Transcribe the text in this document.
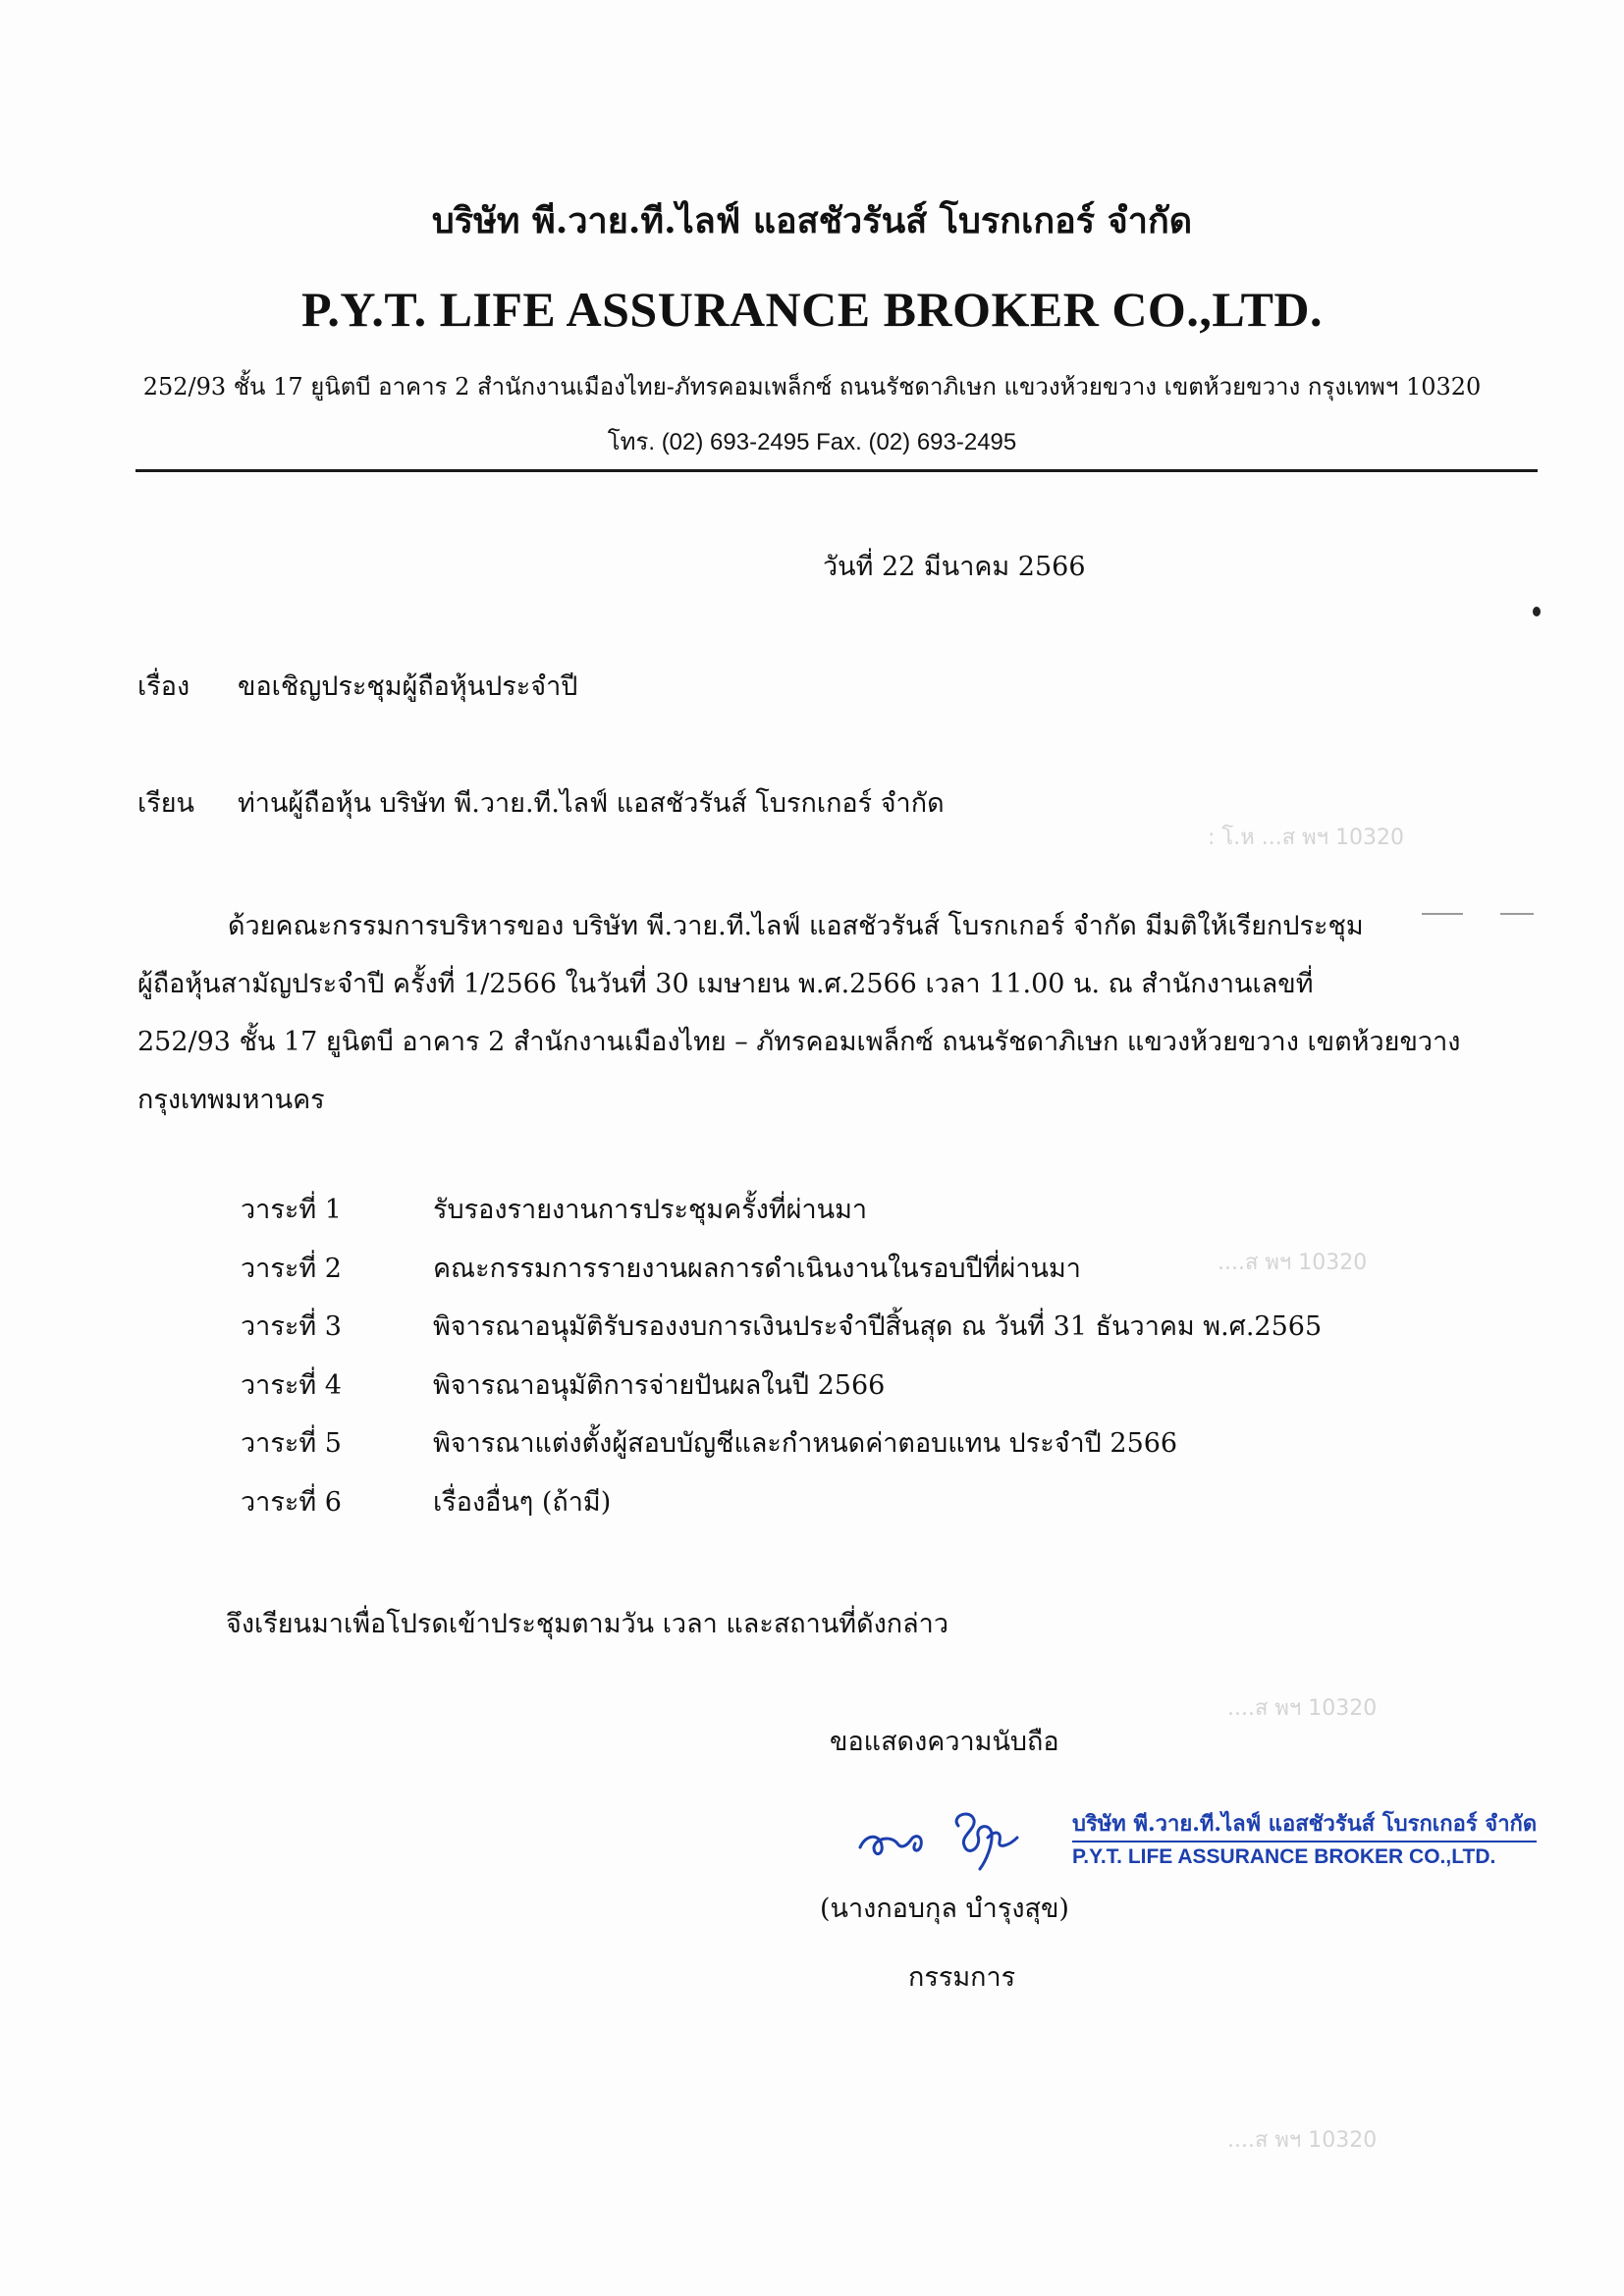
: โ.ห ...ส พฯ 10320
....ส พฯ 10320
....ส พฯ 10320
....ส พฯ 10320
บริษัท พี.วาย.ที.ไลฟ์ แอสชัวรันส์ โบรกเกอร์ จำกัด
P.Y.T. LIFE ASSURANCE BROKER CO.,LTD.
252/93 ชั้น 17 ยูนิตบี อาคาร 2 สำนักงานเมืองไทย-ภัทรคอมเพล็กซ์ ถนนรัชดาภิเษก แขวงห้วยขวาง เขตห้วยขวาง กรุงเทพฯ 10320
โทร. (02) 693-2495 Fax. (02) 693-2495
วันที่ 22 มีนาคม 2566
เรื่อง ขอเชิญประชุมผู้ถือหุ้นประจำปี
เรียน ท่านผู้ถือหุ้น บริษัท พี.วาย.ที.ไลฟ์ แอสชัวรันส์ โบรกเกอร์ จำกัด
ด้วยคณะกรรมการบริหารของ บริษัท พี.วาย.ที.ไลฟ์ แอสชัวรันส์ โบรกเกอร์ จำกัด มีมติให้เรียกประชุม
ผู้ถือหุ้นสามัญประจำปี ครั้งที่ 1/2566 ในวันที่ 30 เมษายน พ.ศ.2566 เวลา 11.00 น. ณ สำนักงานเลขที่
252/93 ชั้น 17 ยูนิตบี อาคาร 2 สำนักงานเมืองไทย – ภัทรคอมเพล็กซ์ ถนนรัชดาภิเษก แขวงห้วยขวาง เขตห้วยขวาง
กรุงเทพมหานคร
วาระที่ 1	รับรองรายงานการประชุมครั้งที่ผ่านมา
วาระที่ 2	คณะกรรมการรายงานผลการดำเนินงานในรอบปีที่ผ่านมา
วาระที่ 3	พิจารณาอนุมัติรับรองงบการเงินประจำปีสิ้นสุด ณ วันที่ 31 ธันวาคม พ.ศ.2565
วาระที่ 4	พิจารณาอนุมัติการจ่ายปันผลในปี 2566
วาระที่ 5	พิจารณาแต่งตั้งผู้สอบบัญชีและกำหนดค่าตอบแทน ประจำปี 2566
วาระที่ 6	เรื่องอื่นๆ (ถ้ามี)
จึงเรียนมาเพื่อโปรดเข้าประชุมตามวัน เวลา และสถานที่ดังกล่าว
ขอแสดงความนับถือ
บริษัท พี.วาย.ที.ไลฟ์ แอสชัวรันส์ โบรกเกอร์ จำกัด
P.Y.T. LIFE ASSURANCE BROKER CO.,LTD.
(นางกอบกุล บำรุงสุข)
กรรมการ
